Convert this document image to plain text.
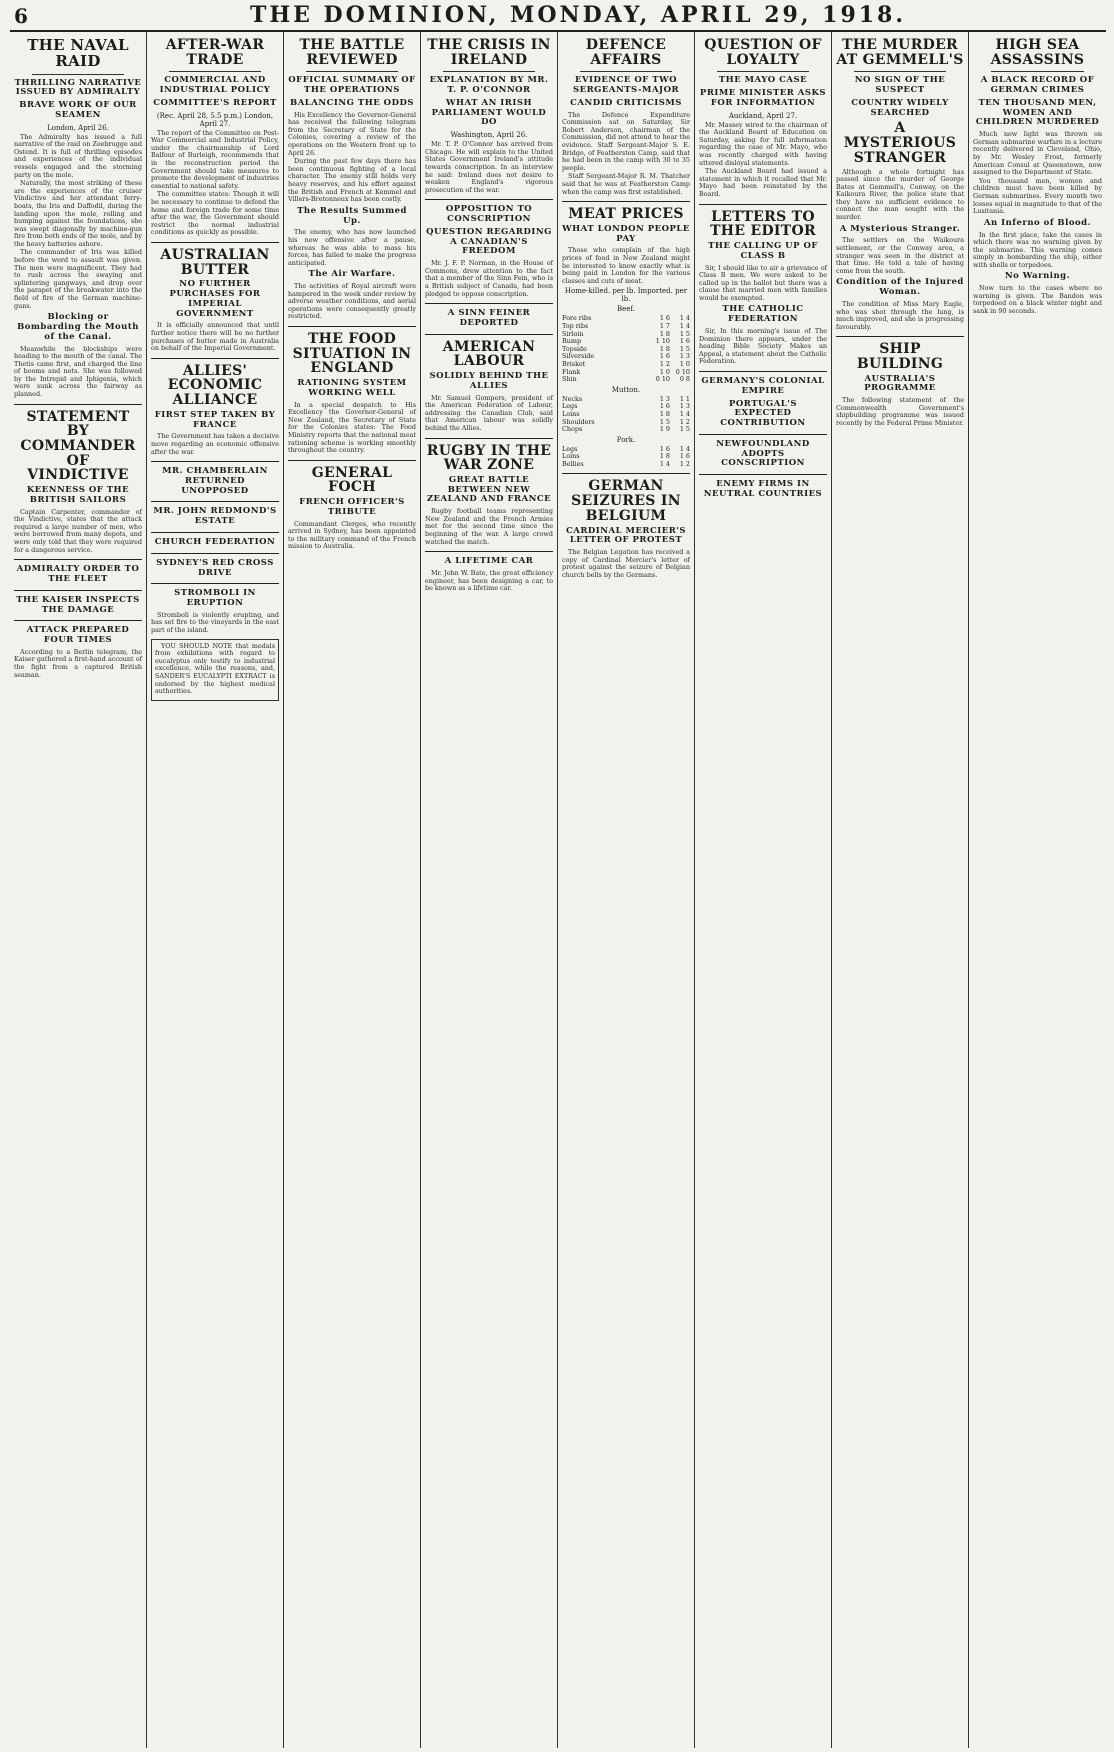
6	THE DOMINION, MONDAY, APRIL 29, 1918.
THE NAVAL RAID
THRILLING NARRATIVE ISSUED BY ADMIRALTY
BRAVE WORK OF OUR SEAMEN
London, April 26.

The Admiralty has issued a full narrative of the raid on Zeebrugge and Ostend. It is full of thrilling episodes and experiences of the individual vessels engaged and the storming party on the mole.

Naturally, the most striking of these are the experiences of the cruiser Vindictive and her attendant ferry-boats, the Iris and Daffodil, during the landing upon the mole, rolling and bumping against the foundations, she was swept diagonally by machine-gun fire from both ends of the mole, and by the heavy batteries ashore.

The commander of Iris was killed before the word to assault was given. The men were magnificent. They had to rush across the swaying and splintering gangways, and drop over the parapet of the breakwater into the field of fire of the German machine-guns.

Blocking or Bombarding the Mouth of the Canal.

Meanwhile the blockships were heading to the mouth of the canal. The Thetis came first, and charged the line of booms and nets. She was followed by the Intrepid and Iphigenia, which were sunk across the fairway as planned.

STATEMENT BY COMMANDER OF VINDICTIVE
KEENNESS OF THE BRITISH SAILORS

Captain Carpenter, commander of the Vindictive, states that the attack required a large number of men, who were borrowed from many depots, and were only told that they were required for a dangerous service.

ADMIRALTY ORDER TO THE FLEET
THE KAISER INSPECTS THE DAMAGE
ATTACK PREPARED FOUR TIMES

According to a Berlin telegram, the Kaiser gathered a first-hand account of the fight from a captured British seaman.

AFTER-WAR TRADE
COMMERCIAL AND INDUSTRIAL POLICY
COMMITTEE'S REPORT
(Rec. April 28, 5.5 p.m.) London, April 27.

The report of the Committee on Post-War Commercial and Industrial Policy, under the chairmanship of Lord Balfour of Burleigh, recommends that in the reconstruction period the Government should take measures to promote the development of industries essential to national safety.

The committee states: Though it will be necessary to continue to defend the home and foreign trade for some time after the war, the Government should restrict the normal industrial conditions as quickly as possible.

AUSTRALIAN BUTTER
NO FURTHER PURCHASES FOR IMPERIAL GOVERNMENT

It is officially announced that until further notice there will be no further purchases of butter made in Australia on behalf of the Imperial Government.

ALLIES' ECONOMIC ALLIANCE
FIRST STEP TAKEN BY FRANCE

The Government has taken a decisive move regarding an economic offensive after the war.

MR. CHAMBERLAIN RETURNED UNOPPOSED
MR. JOHN REDMOND'S ESTATE
CHURCH FEDERATION
SYDNEY'S RED CROSS DRIVE
STROMBOLI IN ERUPTION

Stromboli is violently erupting, and has set fire to the vineyards in the east part of the island.

YOU SHOULD NOTE that medals from exhibitions with regard to eucalyptus only testify to industrial excellence, while the reasons, and, SANDER'S EUCALYPTI EXTRACT is endorsed by the highest medical authorities.

THE BATTLE REVIEWED
OFFICIAL SUMMARY OF THE OPERATIONS
BALANCING THE ODDS

His Excellency the Governor-General has received the following telegram from the Secretary of State for the Colonies, covering a review of the operations on the Western front up to April 26.

During the past few days there has been continuous fighting of a local character. The enemy still holds very heavy reserves, and his effort against the British and French at Kemmel and Villers-Bretonneux has been costly.

The Results Summed Up.

The enemy, who has now launched his new offensive after a pause, whereas he was able to mass his forces, has failed to make the progress anticipated.

The Air Warfare.

The activities of Royal aircraft were hampered in the week under review by adverse weather conditions, and aerial operations were consequently greatly restricted.

THE FOOD SITUATION IN ENGLAND
RATIONING SYSTEM WORKING WELL

In a special despatch to His Excellency the Governor-General of New Zealand, the Secretary of State for the Colonies states: The Food Ministry reports that the national meat rationing scheme is working smoothly throughout the country.

GENERAL FOCH
FRENCH OFFICER'S TRIBUTE

Commandant Clerges, who recently arrived in Sydney, has been appointed to the military command of the French mission to Australia.

THE CRISIS IN IRELAND
EXPLANATION BY MR. T. P. O'CONNOR
WHAT AN IRISH PARLIAMENT WOULD DO
Washington, April 26.

Mr. T. P. O'Connor has arrived from Chicago. He will explain to the United States Government Ireland's attitude towards conscription. In an interview he said: Ireland does not desire to weaken England's vigorous prosecution of the war.

OPPOSITION TO CONSCRIPTION
QUESTION REGARDING A CANADIAN'S FREEDOM

Mr. J. F. P. Norman, in the House of Commons, drew attention to the fact that a member of the Sinn Fein, who is a British subject of Canada, had been pledged to oppose conscription.

A SINN FEINER DEPORTED
AMERICAN LABOUR
SOLIDLY BEHIND THE ALLIES

Mr. Samuel Gompers, president of the American Federation of Labour, addressing the Canadian Club, said that American labour was solidly behind the Allies.

RUGBY IN THE WAR ZONE
GREAT BATTLE BETWEEN NEW ZEALAND AND FRANCE

Rugby football teams representing New Zealand and the French Armies met for the second time since the beginning of the war. A large crowd watched the match.

A LIFETIME CAR

Mr. John W. Bate, the great efficiency engineer, has been designing a car, to be known as a lifetime car.

DEFENCE AFFAIRS
EVIDENCE OF TWO SERGEANTS-MAJOR
CANDID CRITICISMS

The Defence Expenditure Commission sat on Saturday, Sir Robert Anderson, chairman of the Commission, did not attend to hear the evidence. Staff Sergeant-Major S. E. Bridge, of Featherston Camp, said that he had been in the camp with 30 to 35 people.

Staff Sergeant-Major R. M. Thatcher said that he was at Featherston Camp when the camp was first established.

MEAT PRICES
WHAT LONDON PEOPLE PAY

Those who complain of the high prices of food in New Zealand might be interested to know exactly what is being paid in London for the various classes and cuts of meat.

Home-killed. per lb. Imported. per lb.
Beef.
Fore ribs	1 6	1 4
Top ribs	1 7	1 4
Sirloin	1 8	1 5
Rump	1 10	1 6
Topside	1 8	1 5
Silverside	1 6	1 3
Brisket	1 2	1 0
Flank	1 0	0 10
Shin	0 10	0 8
Mutton.
Necks	1 3	1 1
Legs	1 6	1 3
Loins	1 8	1 4
Shoulders	1 5	1 2
Chops	1 9	1 5
Pork.
Legs	1 6	1 4
Loins	1 8	1 6
Bellies	1 4	1 2
GERMAN SEIZURES IN BELGIUM
CARDINAL MERCIER'S LETTER OF PROTEST

The Belgian Legation has received a copy of Cardinal Mercier's letter of protest against the seizure of Belgian church bells by the Germans.

QUESTION OF LOYALTY
THE MAYO CASE
PRIME MINISTER ASKS FOR INFORMATION
Auckland, April 27.

Mr. Massey wired to the chairman of the Auckland Board of Education on Saturday, asking for full information regarding the case of Mr. Mayo, who was recently charged with having uttered disloyal statements.

The Auckland Board had issued a statement in which it recalled that Mr. Mayo had been reinstated by the Board.

LETTERS TO THE EDITOR
THE CALLING UP OF CLASS B

Sir, I should like to air a grievance of Class B men. We were asked to be called up in the ballot but there was a clause that married men with families would be exempted.

THE CATHOLIC FEDERATION

Sir, In this morning's issue of The Dominion there appears, under the heading Bible Society Makes an Appeal, a statement about the Catholic Federation.

GERMANY'S COLONIAL EMPIRE
PORTUGAL'S EXPECTED CONTRIBUTION
NEWFOUNDLAND ADOPTS CONSCRIPTION
ENEMY FIRMS IN NEUTRAL COUNTRIES
THE MURDER AT GEMMELL'S
NO SIGN OF THE SUSPECT
COUNTRY WIDELY SEARCHED
A MYSTERIOUS STRANGER

Although a whole fortnight has passed since the murder of George Bates at Gemmell's, Conway, on the Kaikoura River, the police state that they have no sufficient evidence to connect the man sought with the murder.

A Mysterious Stranger.

The settlers on the Waikoura settlement, or the Conway area, a stranger was seen in the district at that time. He told a tale of having come from the south.

Condition of the Injured Woman.

The condition of Miss Mary Eagle, who was shot through the lung, is much improved, and she is progressing favourably.

SHIP BUILDING
AUSTRALIA'S PROGRAMME

The following statement of the Commonwealth Government's shipbuilding programme was issued recently by the Federal Prime Minister.

HIGH SEA ASSASSINS
A BLACK RECORD OF GERMAN CRIMES
TEN THOUSAND MEN, WOMEN AND CHILDREN MURDERED

Much new light was thrown on German submarine warfare in a lecture recently delivered in Cleveland, Ohio, by Mr. Wesley Frost, formerly American Consul at Queenstown, now assigned to the Department of State.

You thousand men, women and children must have been killed by German submarines. Every month two losses equal in magnitude to that of the Lusitania.

An Inferno of Blood.

In the first place, take the cases in which there was no warning given by the submarine. This warning comes simply in bombarding the ship, either with shells or torpedoes.

No Warning.

Now turn to the cases where no warning is given. The Bandon was torpedoed on a black winter night and sank in 90 seconds.
